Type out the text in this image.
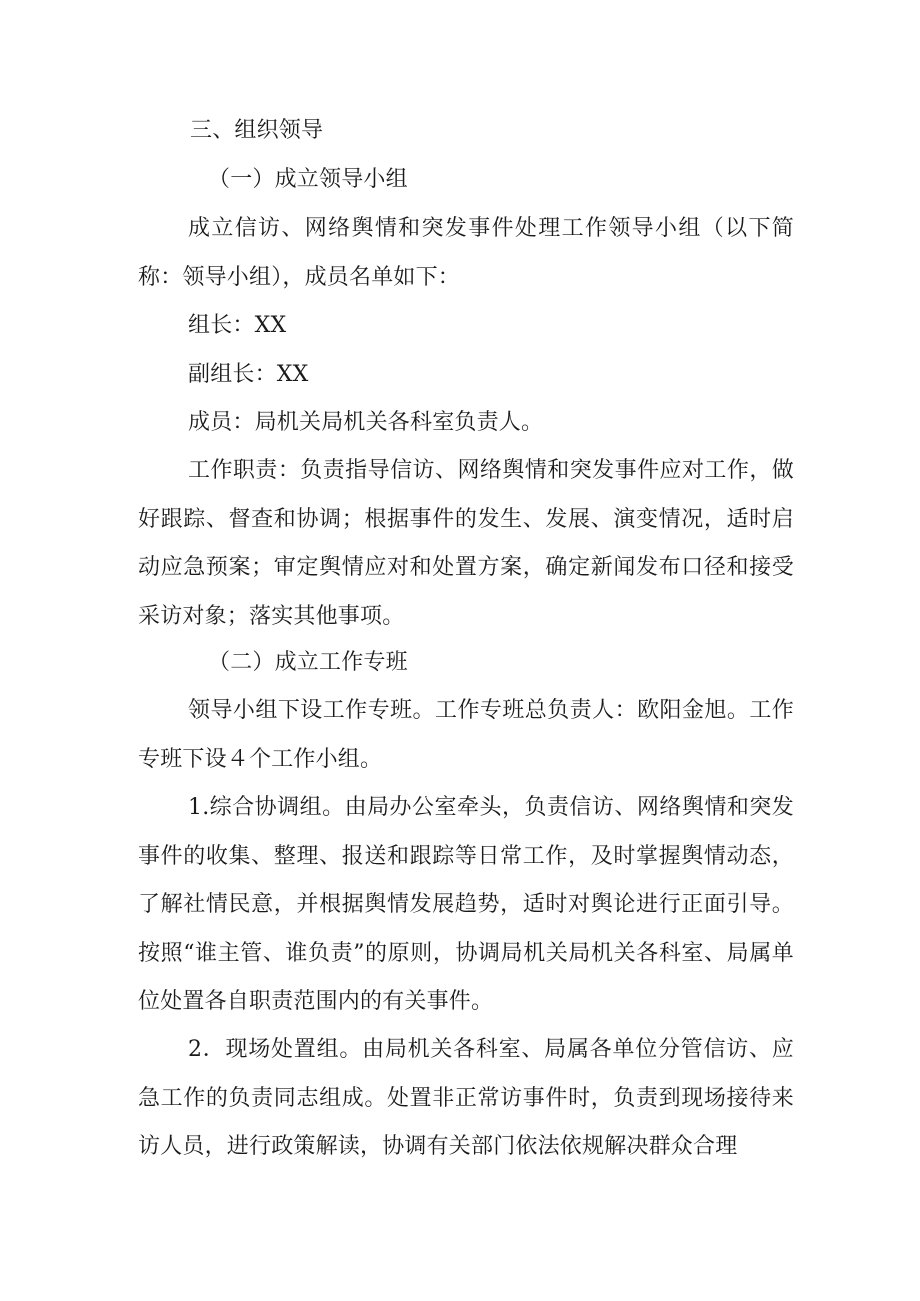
三、组织领导

（一）成立领导小组

成立信访、网络舆情和突发事件处理工作领导小组（以下简称：领导小组），成员名单如下：

组长：XX

副组长：XX

成员：局机关局机关各科室负责人。

工作职责：负责指导信访、网络舆情和突发事件应对工作，做好跟踪、督查和协调；根据事件的发生、发展、演变情况，适时启动应急预案；审定舆情应对和处置方案，确定新闻发布口径和接受采访对象；落实其他事项。

（二）成立工作专班

领导小组下设工作专班。工作专班总负责人：欧阳金旭。工作专班下设４个工作小组。

1.综合协调组。由局办公室牵头，负责信访、网络舆情和突发事件的收集、整理、报送和跟踪等日常工作，及时掌握舆情动态，了解社情民意，并根据舆情发展趋势，适时对舆论进行正面引导。按照“谁主管、谁负责”的原则，协调局机关局机关各科室、局属单位处置各自职责范围内的有关事件。

2．现场处置组。由局机关各科室、局属各单位分管信访、应急工作的负责同志组成。处置非正常访事件时，负责到现场接待来访人员，进行政策解读，协调有关部门依法依规解决群众合理
